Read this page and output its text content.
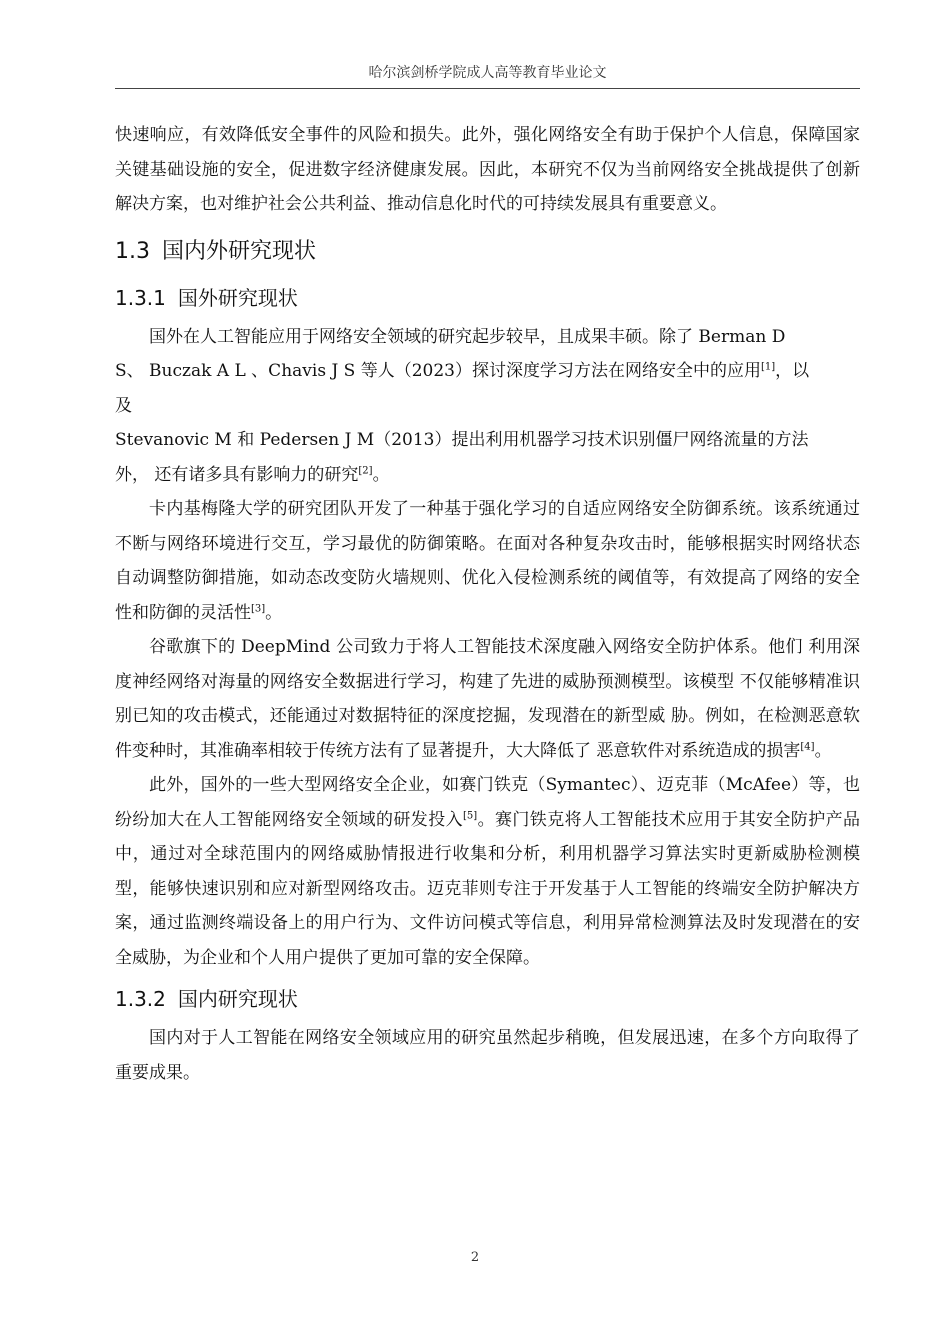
哈尔滨剑桥学院成人高等教育毕业论文

快速响应，有效降低安全事件的风险和损失。此外，强化网络安全有助于保护个人信息，保障国家关键基础设施的安全，促进数字经济健康发展。因此，本研究不仅为当前网络安全挑战提供了创新解决方案，也对维护社会公共利益、推动信息化时代的可持续发展具有重要意义。

1.3 国内外研究现状
1.3.1 国外研究现状

国外在人工智能应用于网络安全领域的研究起步较早，且成果丰硕。除了 Berman D
S、 Buczak A L 、Chavis J S 等人（2023）探讨深度学习方法在网络安全中的应用[1]，以
及
Stevanovic M 和 Pedersen J M（2013）提出利用机器学习技术识别僵尸网络流量的方法
外， 还有诸多具有影响力的研究[2]。

卡内基梅隆大学的研究团队开发了一种基于强化学习的自适应网络安全防御系统。该系统通过不断与网络环境进行交互，学习最优的防御策略。在面对各种复杂攻击时，能够根据实时网络状态自动调整防御措施，如动态改变防火墙规则、优化入侵检测系统的阈值等，有效提高了网络的安全性和防御的灵活性[3]。

谷歌旗下的 DeepMind 公司致力于将人工智能技术深度融入网络安全防护体系。他们 利用深度神经网络对海量的网络安全数据进行学习，构建了先进的威胁预测模型。该模型 不仅能够精准识别已知的攻击模式，还能通过对数据特征的深度挖掘，发现潜在的新型威 胁。例如，在检测恶意软件变种时，其准确率相较于传统方法有了显著提升，大大降低了 恶意软件对系统造成的损害[4]。

此外，国外的一些大型网络安全企业，如赛门铁克（Symantec）、迈克菲（McAfee）等，也纷纷加大在人工智能网络安全领域的研发投入[5]。赛门铁克将人工智能技术应用于其安全防护产品中，通过对全球范围内的网络威胁情报进行收集和分析，利用机器学习算法实时更新威胁检测模型，能够快速识别和应对新型网络攻击。迈克菲则专注于开发基于人工智能的终端安全防护解决方案，通过监测终端设备上的用户行为、文件访问模式等信息，利用异常检测算法及时发现潜在的安全威胁，为企业和个人用户提供了更加可靠的安全保障。

1.3.2 国内研究现状

国内对于人工智能在网络安全领域应用的研究虽然起步稍晚，但发展迅速，在多个方向取得了重要成果。

2
